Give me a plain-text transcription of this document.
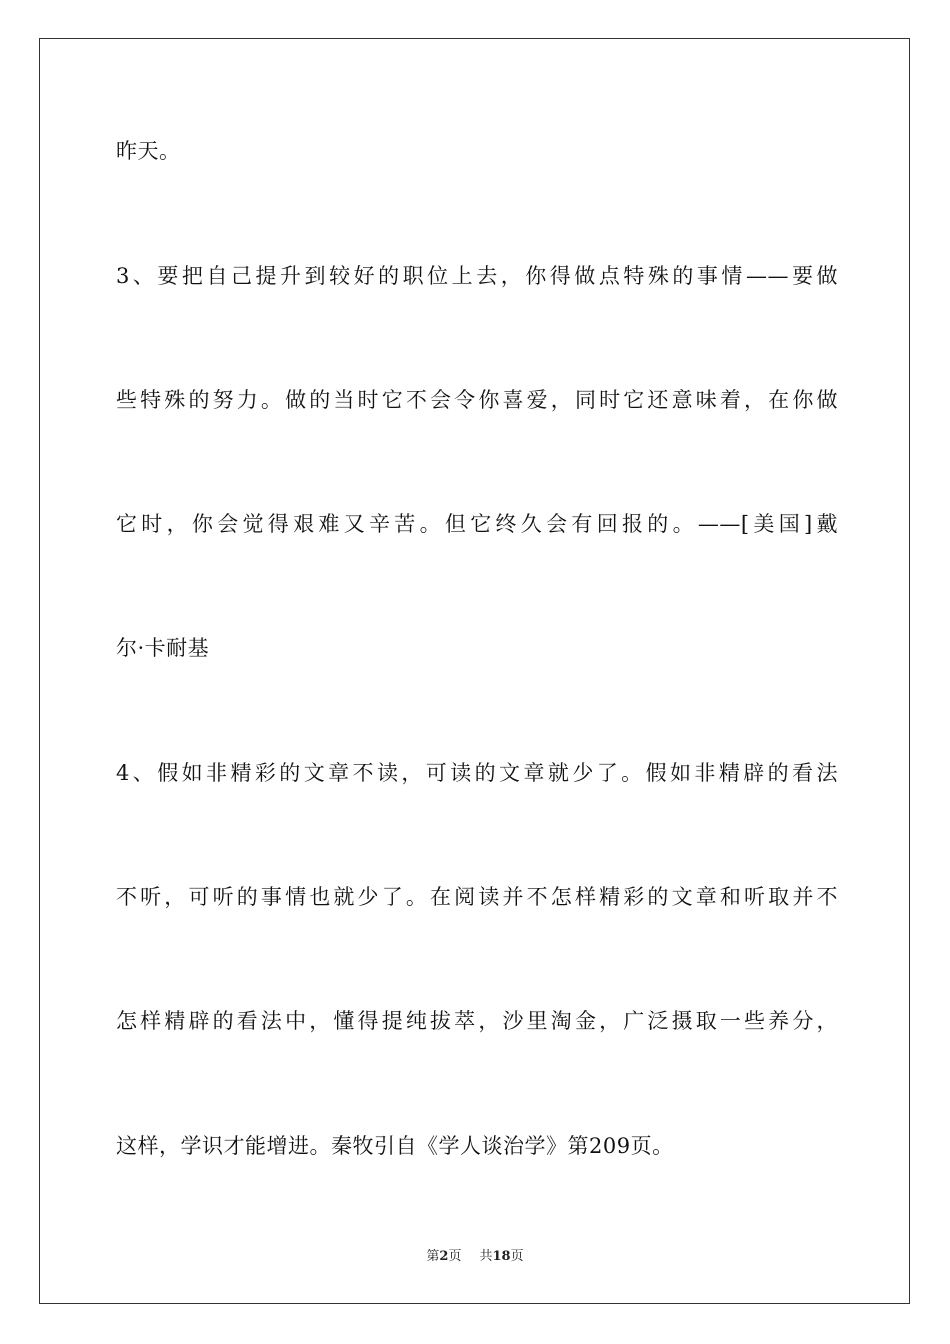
昨天。
3、要把自己提升到较好的职位上去，你得做点特殊的事情——要做
些特殊的努力。做的当时它不会令你喜爱，同时它还意味着，在你做
它时，你会觉得艰难又辛苦。但它终久会有回报的。——[美国]戴
尔·卡耐基
4、假如非精彩的文章不读，可读的文章就少了。假如非精辟的看法
不听，可听的事情也就少了。在阅读并不怎样精彩的文章和听取并不
怎样精辟的看法中，懂得提纯拔萃，沙里淘金，广泛摄取一些养分，
这样，学识才能增进。秦牧引自《学人谈治学》第209页。
第2页 共18页
